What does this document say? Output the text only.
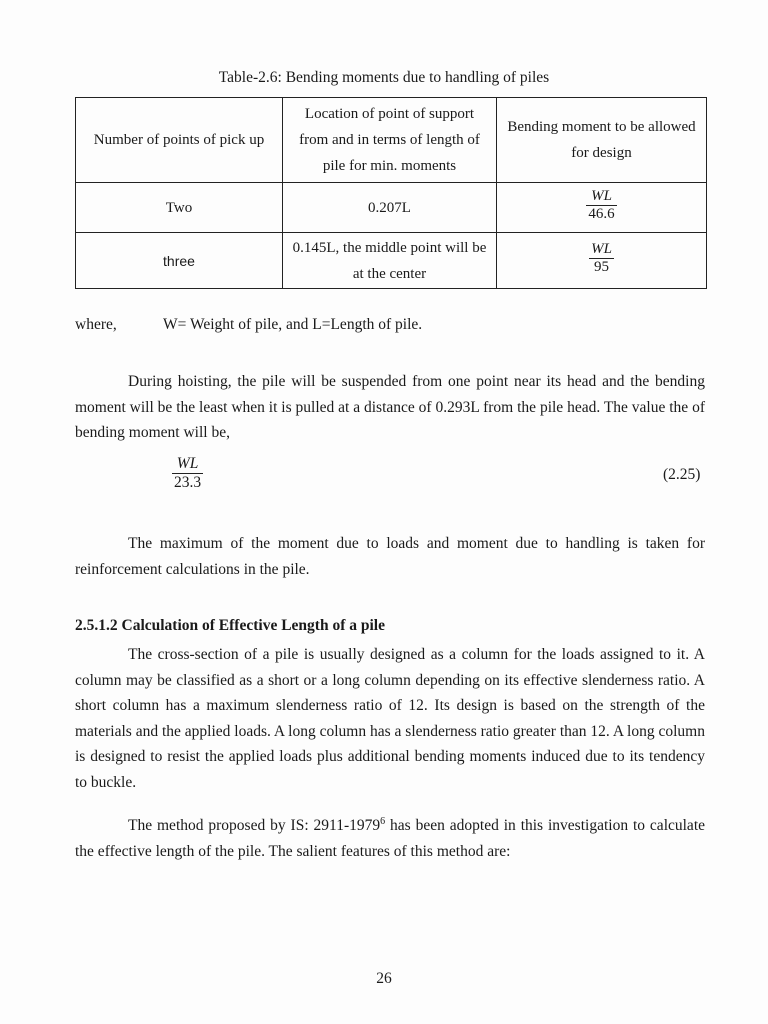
Table-2.6: Bending moments due to handling of piles
Number of points of pick up	Location of point of support from and in terms of length of pile for min. moments	Bending moment to be allowed for design
Two	0.207L	$\frac{WL}{46.6}$

three	0.145L, the middle point will be at the center	$\frac{WL}{95}$
where,	W= Weight of pile, and L=Length of pile.

During hoisting, the pile will be suspended from one point near its head and the bending moment will be the least when it is pulled at a distance of 0.293L from the pile head. The value the of bending moment will be,

$\frac{WL}{23.3}$	(2.25)

The maximum of the moment due to loads and moment due to handling is taken for reinforcement calculations in the pile.

2.5.1.2 Calculation of Effective Length of a pile

The cross-section of a pile is usually designed as a column for the loads assigned to it. A column may be classified as a short or a long column depending on its effective slenderness ratio. A short column has a maximum slenderness ratio of 12. Its design is based on the strength of the materials and the applied loads. A long column has a slenderness ratio greater than 12. A long column is designed to resist the applied loads plus additional bending moments induced due to its tendency to buckle.

The method proposed by IS: 2911-1979$^6$ has been adopted in this investigation to calculate the effective length of the pile. The salient features of this method are:

26
